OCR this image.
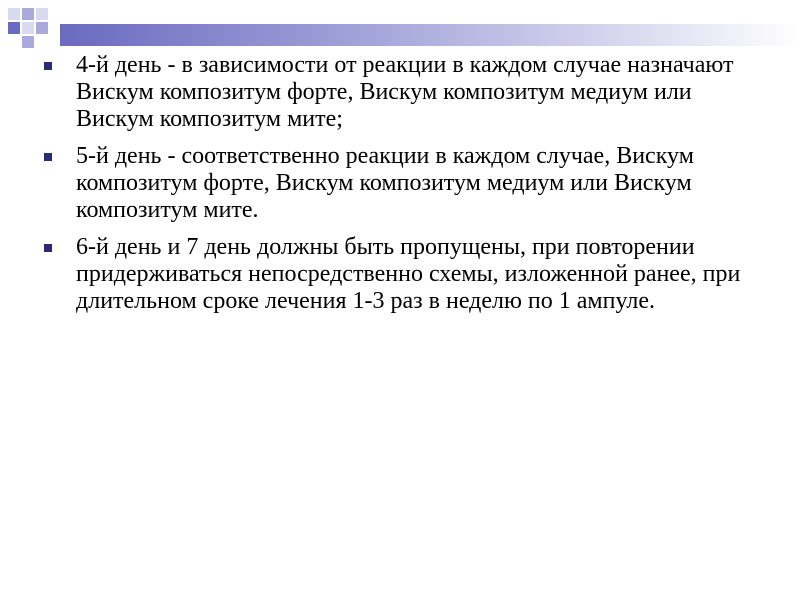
4-й день - в зависимости от реакции в каждом случае назначают Вискум композитум форте, Вискум композитум медиум или Вискум композитум мите;
5-й день - соответственно реакции в каждом случае, Вискум композитум форте, Вискум композитум медиум или Вискум композитум мите.
6-й день и 7 день должны быть пропущены, при повторении придерживаться непосредственно схемы, изложенной ранее, при длительном сроке лечения 1-3 раз в неделю по 1 ампуле.
